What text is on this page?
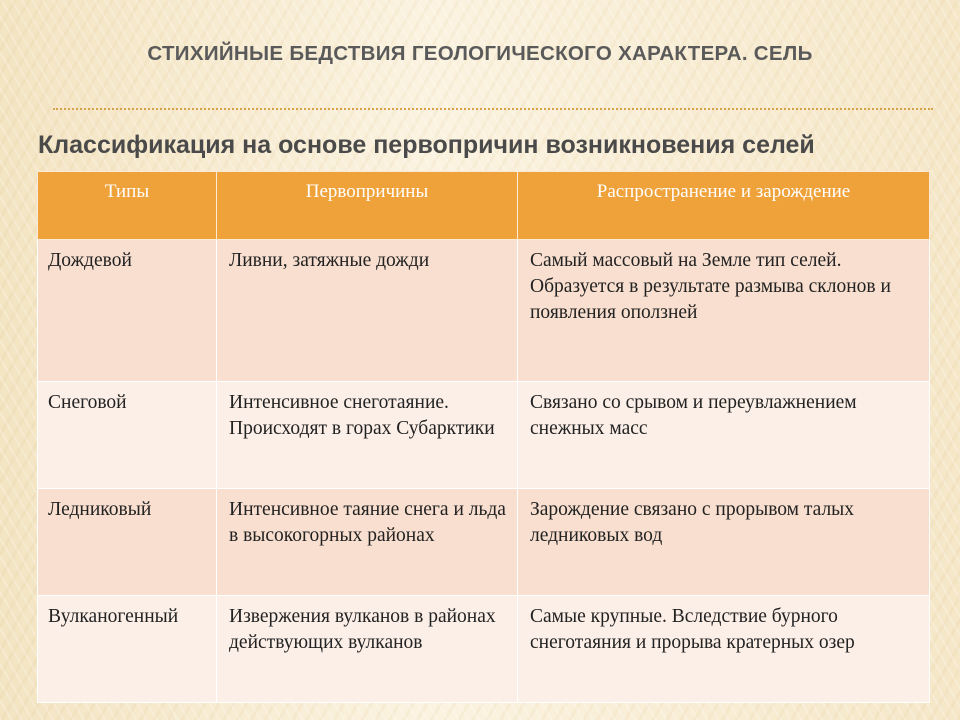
СТИХИЙНЫЕ БЕДСТВИЯ ГЕОЛОГИЧЕСКОГО ХАРАКТЕРА. СЕЛЬ
Классификация на основе первопричин возникновения селей
Типы	Первопричины	Распространение и зарождение
Дождевой	Ливни, затяжные дожди	Самый массовый на Земле тип селей. Образуется в результате размыва склонов и появления оползней
Снеговой	Интенсивное снеготаяние.    Происходят в горах Субарктики	Связано со срывом и переувлажнением снежных масс
Ледниковый	Интенсивное таяние снега и льда в высокогорных районах	Зарождение связано с прорывом талых ледниковых вод
Вулканогенный	Извержения вулканов в районах действующих вулканов	Самые крупные. Вследствие бурного снеготаяния и прорыва кратерных озер
